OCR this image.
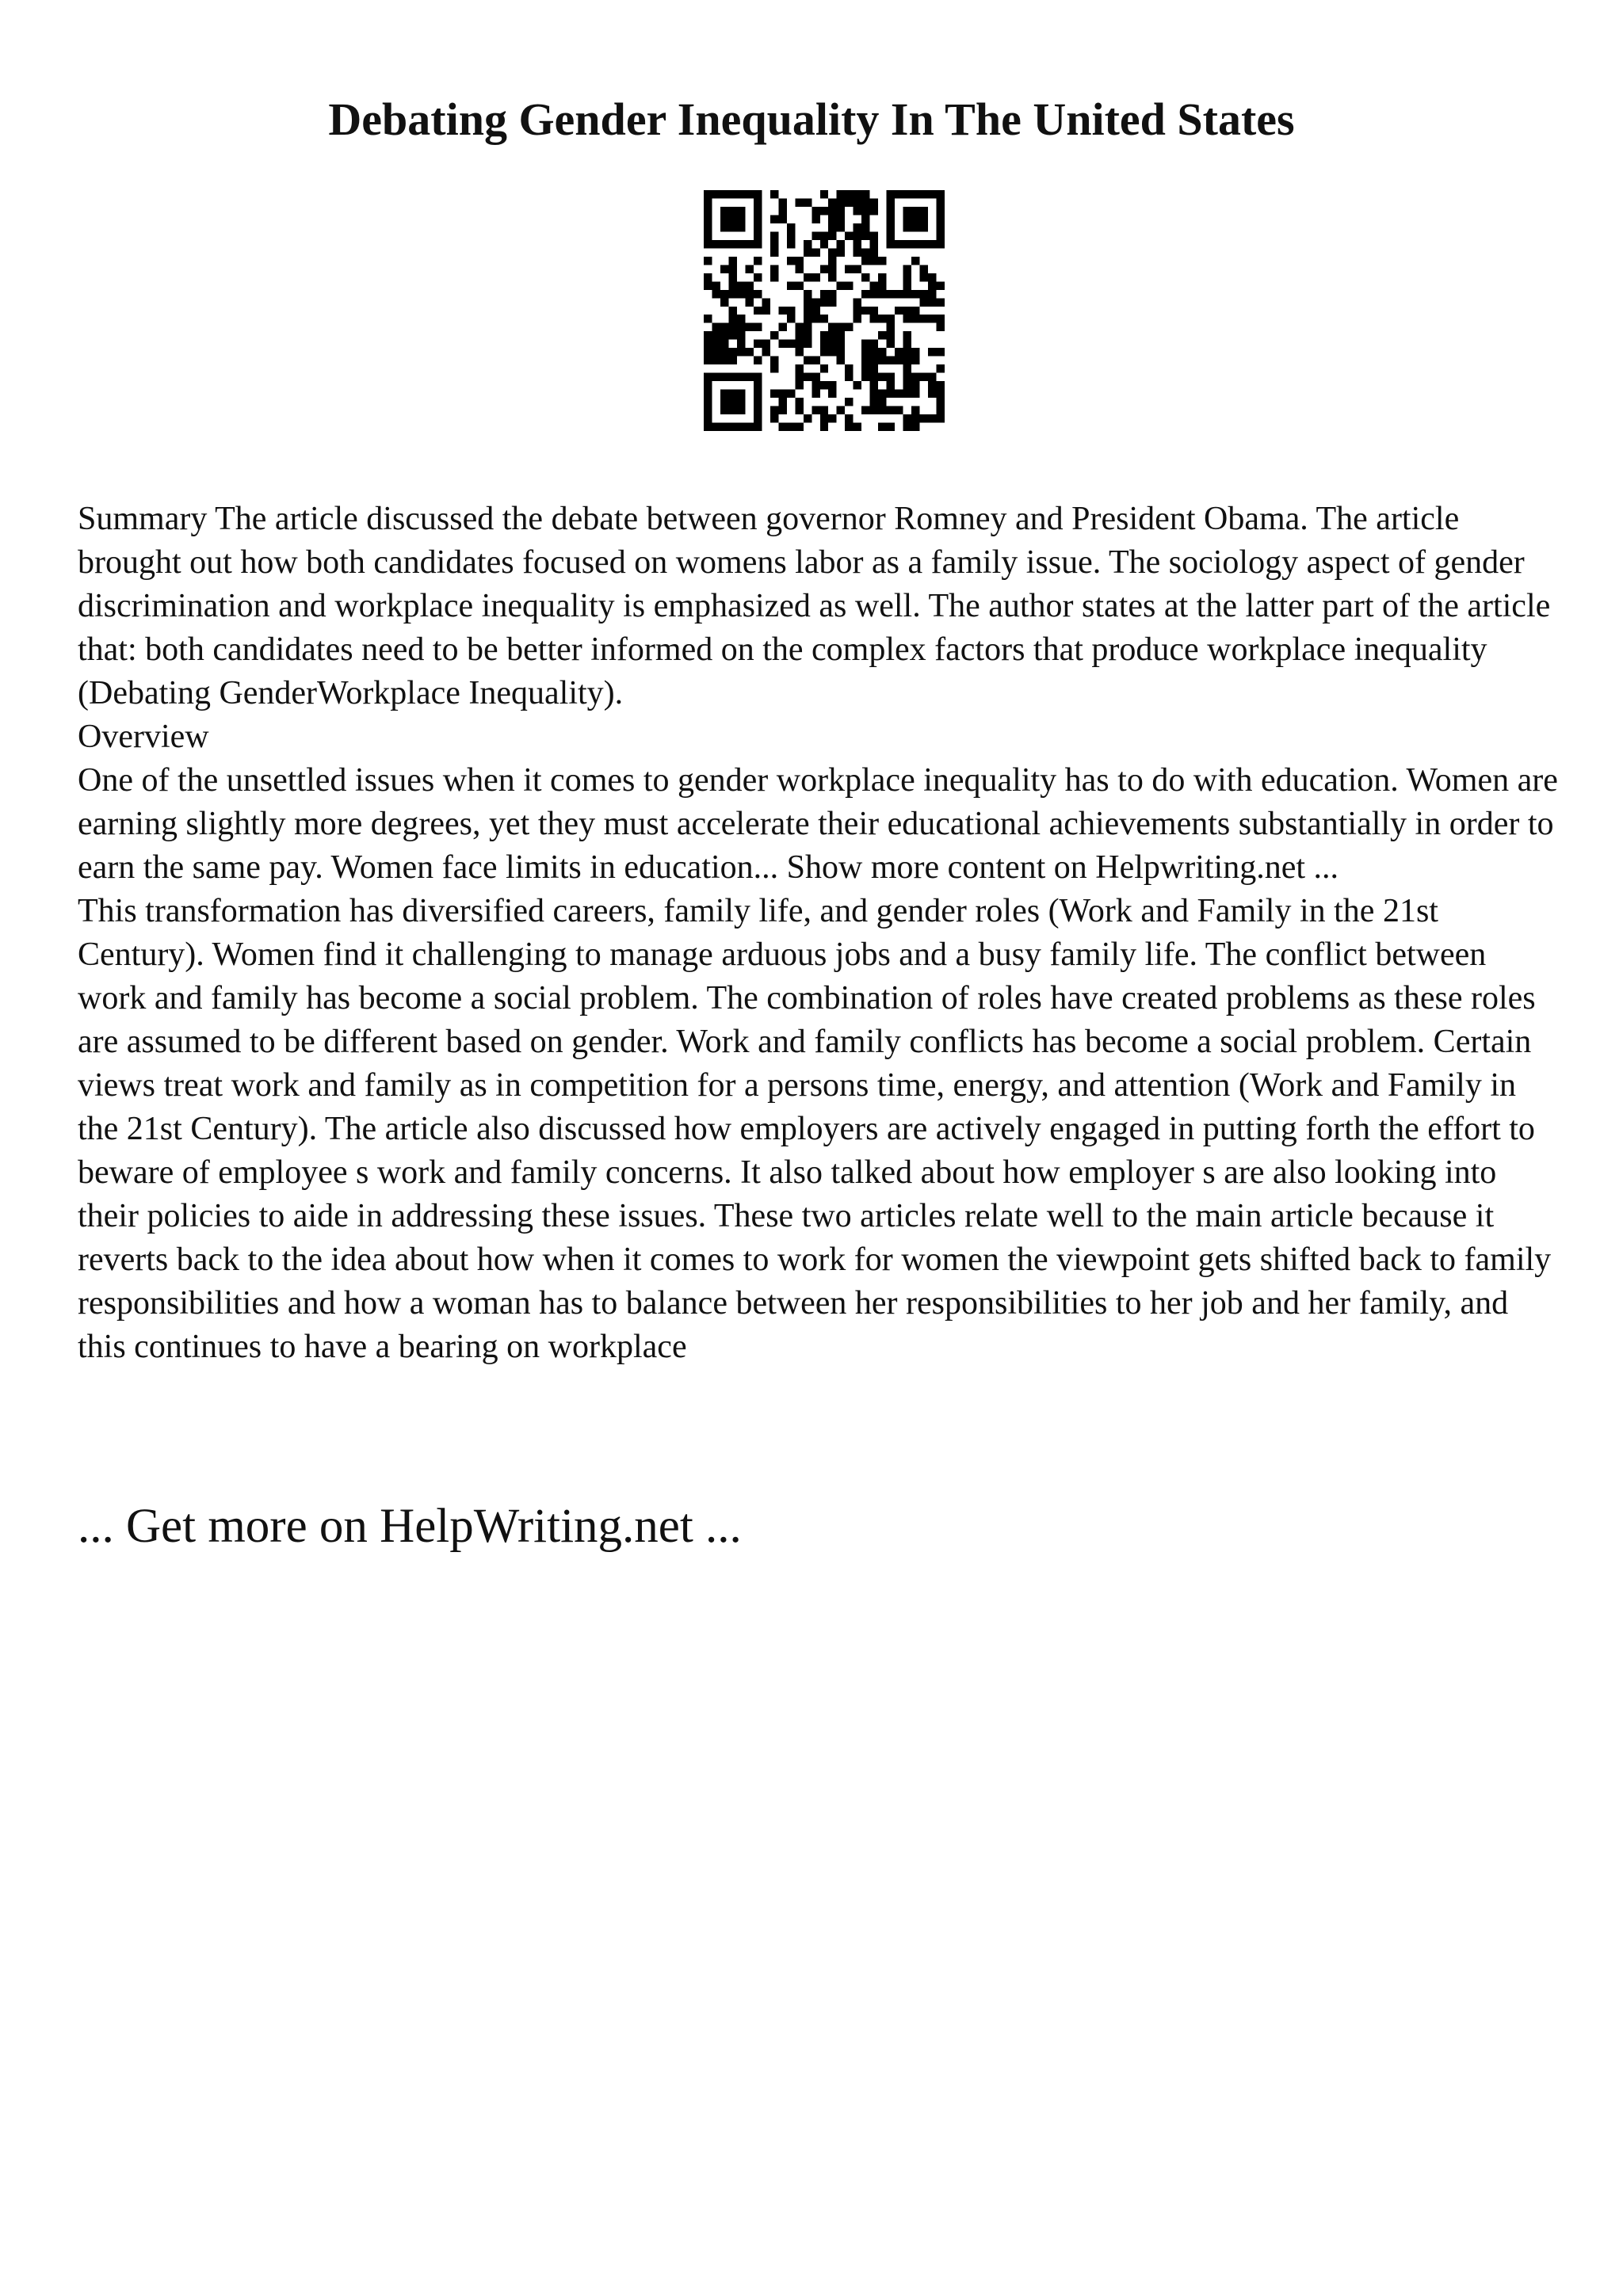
Debating Gender Inequality In The United States

Summary The article discussed the debate between governor Romney and President Obama. The article brought out how both candidates focused on womens labor as a family issue. The sociology aspect of gender discrimination and workplace inequality is emphasized as well. The author states at the latter part of the article that: both candidates need to be better informed on the complex factors that produce workplace inequality (Debating GenderWorkplace Inequality).

Overview

One of the unsettled issues when it comes to gender workplace inequality has to do with education. Women are earning slightly more degrees, yet they must accelerate their educational achievements substantially in order to earn the same pay. Women face limits in education... Show more content on Helpwriting.net ...

This transformation has diversified careers, family life, and gender roles (Work and Family in the 21st Century). Women find it challenging to manage arduous jobs and a busy family life. The conflict between work and family has become a social problem. The combination of roles have created problems as these roles are assumed to be different based on gender. Work and family conflicts has become a social problem. Certain views treat work and family as in competition for a persons time, energy, and attention (Work and Family in the 21st Century). The article also discussed how employers are actively engaged in putting forth the effort to beware of employee s work and family concerns. It also talked about how employer s are also looking into their policies to aide in addressing these issues. These two articles relate well to the main article because it reverts back to the idea about how when it comes to work for women the viewpoint gets shifted back to family responsibilities and how a woman has to balance between her responsibilities to her job and her family, and this continues to have a bearing on workplace

... Get more on HelpWriting.net ...
